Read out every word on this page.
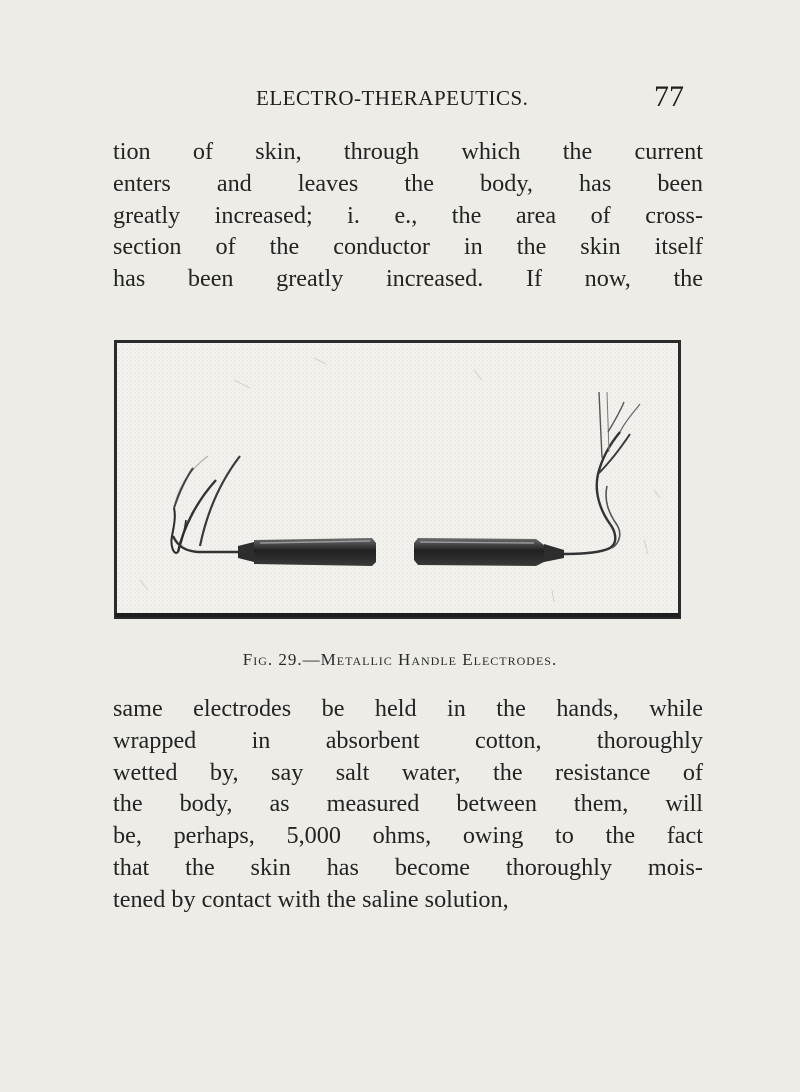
ELECTRO-THERAPEUTICS.	77

tion of skin, through which the current
enters and leaves the body, has been
greatly increased; i. e., the area of cross-
section of the conductor in the skin itself
has been greatly increased. If now, the

Fig. 29.—Metallic Handle Electrodes.

same electrodes be held in the hands, while
wrapped in absorbent cotton, thoroughly
wetted by, say salt water, the resistance of
the body, as measured between them, will
be, perhaps, 5,000 ohms, owing to the fact
that the skin has become thoroughly mois-
tened by contact with the saline solution,
